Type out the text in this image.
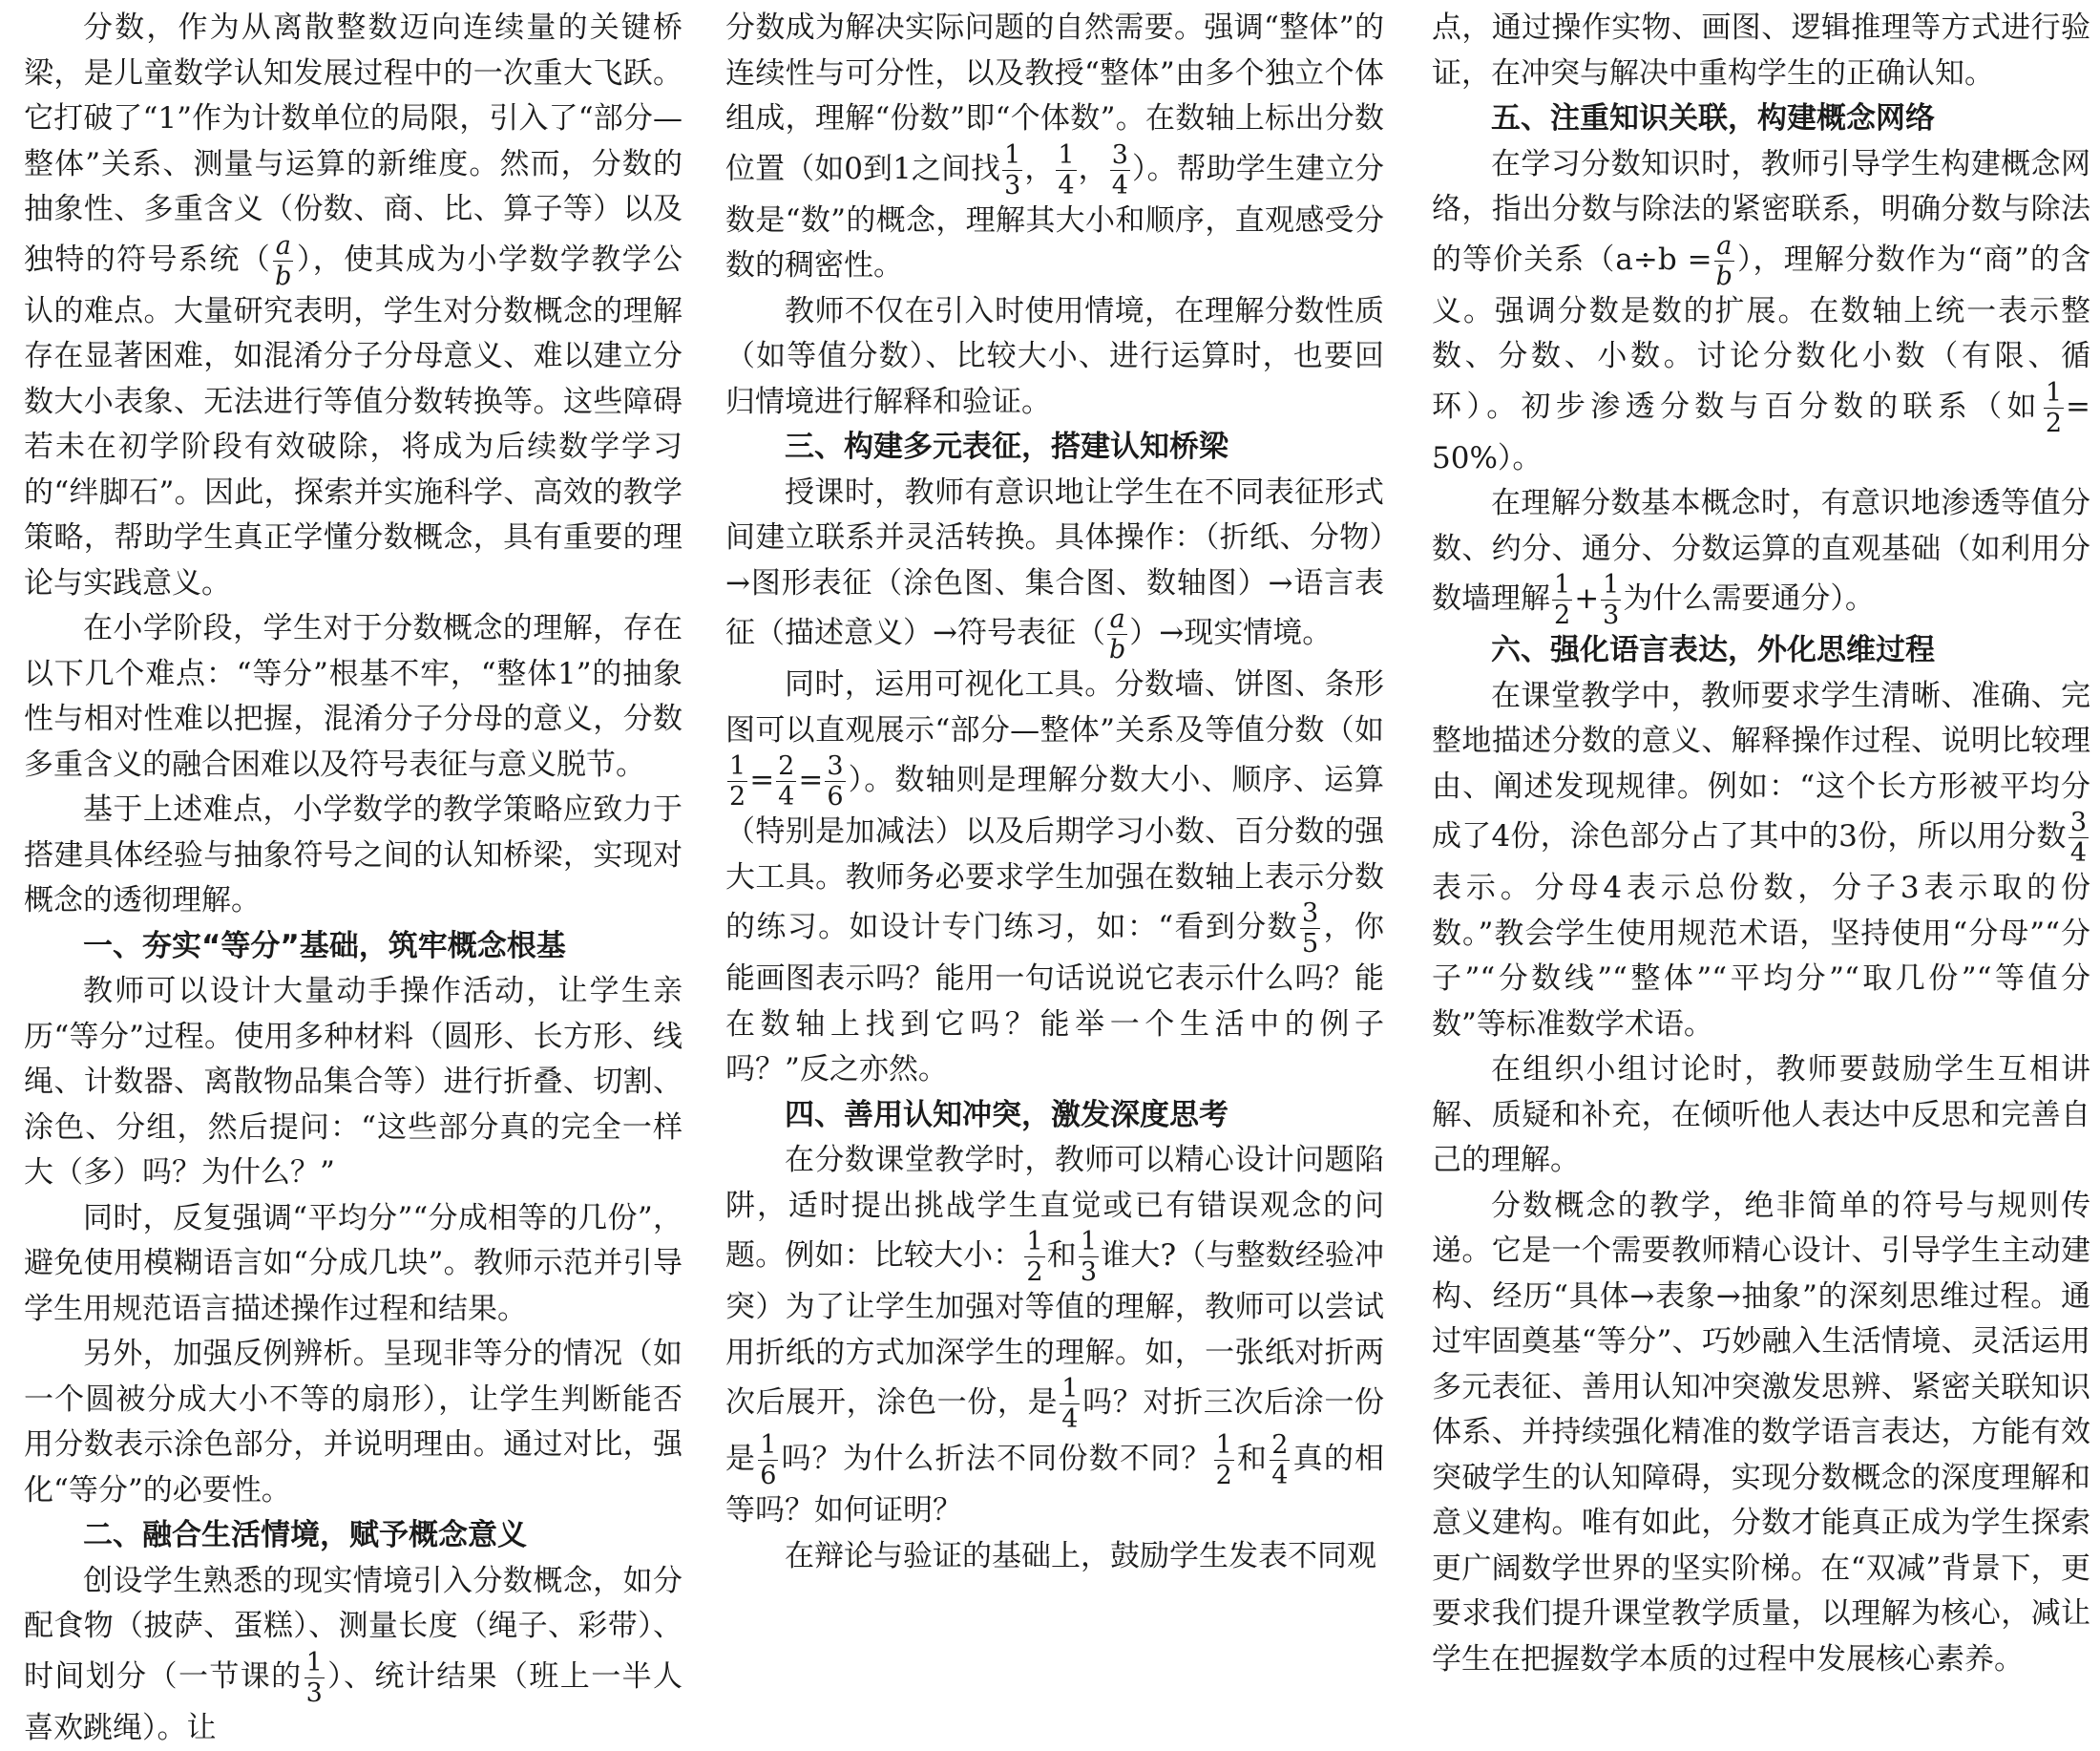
分数，作为从离散整数迈向连续量的关键桥梁，是儿童数学认知发展过程中的一次重大飞跃。它打破了“1”作为计数单位的局限，引入了“部分—整体”关系、测量与运算的新维度。然而，分数的抽象性、多重含义（份数、商、比、算子等）以及独特的符号系统（ $\frac{a}{b}$ ），使其成为小学数学教学公认的难点。大量研究表明，学生对分数概念的理解存在显著困难，如混淆分子分母意义、难以建立分数大小表象、无法进行等值分数转换等。这些障碍若未在初学阶段有效破除，将成为后续数学学习的“绊脚石”。因此，探索并实施科学、高效的教学策略，帮助学生真正学懂分数概念，具有重要的理论与实践意义。

在小学阶段，学生对于分数概念的理解，存在以下几个难点：“等分”根基不牢，“整体1”的抽象性与相对性难以把握，混淆分子分母的意义，分数多重含义的融合困难以及符号表征与意义脱节。

基于上述难点，小学数学的教学策略应致力于搭建具体经验与抽象符号之间的认知桥梁，实现对概念的透彻理解。

一、夯实“等分”基础，筑牢概念根基

教师可以设计大量动手操作活动，让学生亲历“等分”过程。使用多种材料（圆形、长方形、线绳、计数器、离散物品集合等）进行折叠、切割、涂色、分组，然后提问：“这些部分真的完全一样大（多）吗？为什么？”

同时，反复强调“平均分”“分成相等的几份”，避免使用模糊语言如“分成几块”。教师示范并引导学生用规范语言描述操作过程和结果。

另外，加强反例辨析。呈现非等分的情况（如一个圆被分成大小不等的扇形），让学生判断能否用分数表示涂色部分，并说明理由。通过对比，强化“等分”的必要性。

二、融合生活情境，赋予概念意义

创设学生熟悉的现实情境引入分数概念，如分配食物（披萨、蛋糕）、测量长度（绳子、彩带）、时间划分（一节课的 $\frac{1}{3}$ ）、统计结果（班上一半人喜欢跳绳）。让

分数成为解决实际问题的自然需要。强调“整体”的连续性与可分性，以及教授“整体”由多个独立个体组成，理解“份数”即“个体数”。在数轴上标出分数位置（如0到1之间找 $\frac{1}{3}$ ， $\frac{1}{4}$ ， $\frac{3}{4}$ ）。帮助学生建立分数是“数”的概念，理解其大小和顺序，直观感受分数的稠密性。

教师不仅在引入时使用情境，在理解分数性质（如等值分数）、比较大小、进行运算时，也要回归情境进行解释和验证。

三、构建多元表征，搭建认知桥梁

授课时，教师有意识地让学生在不同表征形式间建立联系并灵活转换。具体操作：（折纸、分物）→图形表征（涂色图、集合图、数轴图）→语言表征（描述意义）→符号表征（ $\frac{a}{b}$ ）→现实情境。

同时，运用可视化工具。分数墙、饼图、条形图可以直观展示“部分—整体”关系及等值分数（如
$\frac{1}{2} = \frac{2}{4} = \frac{3}{6}$ ）。数轴则是理解分数大小、顺序、运算（特别是加减法）以及后期学习小数、百分数的强大工具。教师务必要求学生加强在数轴上表示分数的练习。如设计专门练习，如：“看到分数 $\frac{3}{5}$ ，你能画图表示吗？能用一句话说说它表示什么吗？能在数轴上找到它吗？能举一个生活中的例子吗？”反之亦然。

四、善用认知冲突，激发深度思考

在分数课堂教学时，教师可以精心设计问题陷阱，适时提出挑战学生直觉或已有错误观念的问题。例如：比较大小： $\frac{1}{2}$ 和 $\frac{1}{3}$ 谁大?（与整数经验冲突）为了让学生加强对等值的理解，教师可以尝试用折纸的方式加深学生的理解。如，一张纸对折两次后展开，涂色一份，是 $\frac{1}{4}$ 吗？对折三次后涂一份是 $\frac{1}{6}$ 吗？为什么折法不同份数不同？ $\frac{1}{2}$ 和 $\frac{2}{4}$ 真的相等吗？如何证明？

在辩论与验证的基础上，鼓励学生发表不同观

点，通过操作实物、画图、逻辑推理等方式进行验证，在冲突与解决中重构学生的正确认知。

五、注重知识关联，构建概念网络

在学习分数知识时，教师引导学生构建概念网络，指出分数与除法的紧密联系，明确分数与除法的等价关系（$a\div b = \frac{a}{b}$ ），理解分数作为“商”的含义。强调分数是数的扩展。在数轴上统一表示整数、分数、小数。讨论分数化小数（有限、循环）。初步渗透分数与百分数的联系（如 $\frac{1}{2} = 50\%$）。

在理解分数基本概念时，有意识地渗透等值分数、约分、通分、分数运算的直观基础（如利用分数墙理解 $\frac{1}{2} + \frac{1}{3}$ 为什么需要通分）。

六、强化语言表达，外化思维过程

在课堂教学中，教师要求学生清晰、准确、完整地描述分数的意义、解释操作过程、说明比较理由、阐述发现规律。例如：“这个长方形被平均分成了4份，涂色部分占了其中的3份，所以用分数 $\frac{3}{4}$
表示。分母4表示总份数，分子3表示取的份数。”教会学生使用规范术语，坚持使用“分母”“分子”“分数线”“整体”“平均分”“取几份”“等值分数”等标准数学术语。

在组织小组讨论时，教师要鼓励学生互相讲解、质疑和补充，在倾听他人表达中反思和完善自己的理解。

分数概念的教学，绝非简单的符号与规则传递。它是一个需要教师精心设计、引导学生主动建构、经历“具体→表象→抽象”的深刻思维过程。通过牢固奠基“等分”、巧妙融入生活情境、灵活运用多元表征、善用认知冲突激发思辨、紧密关联知识体系、并持续强化精准的数学语言表达，方能有效突破学生的认知障碍，实现分数概念的深度理解和意义建构。唯有如此，分数才能真正成为学生探索更广阔数学世界的坚实阶梯。在“双减”背景下，更要求我们提升课堂教学质量，以理解为核心，减让学生在把握数学本质的过程中发展核心素养。
